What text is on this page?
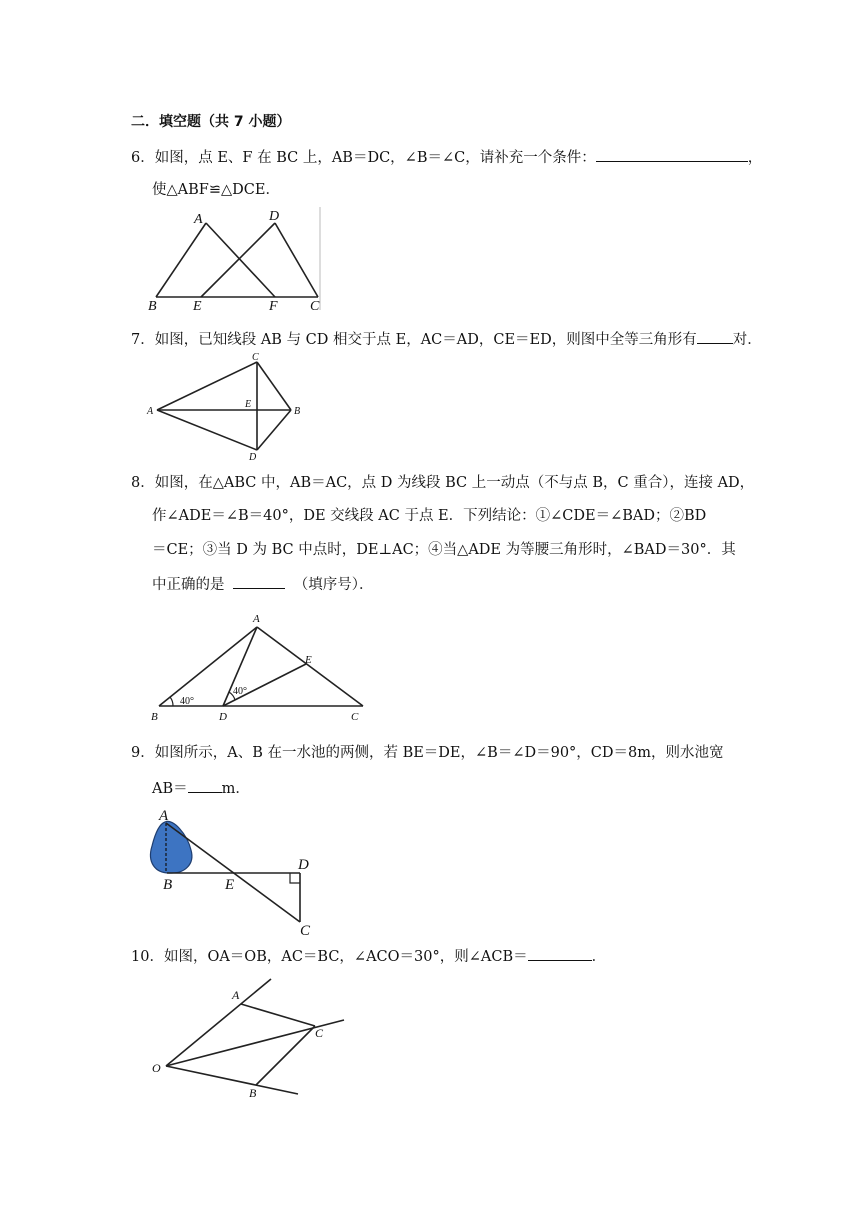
二．填空题（共 7 小题）
6．如图，点 E、F 在 BC 上，AB＝DC，∠B＝∠C，请补充一个条件：	，
使△ABF≌△DCE．
A	D
B	E	F C
7．如图，已知线段 AB 与 CD 相交于点 E，AC＝AD，CE＝ED，则图中全等三角形有 对．
A	B
C
D
E
8．如图，在△ABC 中，AB＝AC，点 D 为线段 BC 上一动点（不与点 B，C 重合），连接 AD，
作∠ADE＝∠B＝40°，DE 交线段 AC 于点 E．下列结论：①∠CDE＝∠BAD；②BD
＝CE；③当 D 为 BC 中点时，DE⊥AC；④当△ADE 为等腰三角形时，∠BAD＝30°．其
中正确的是	（填序号）．
A
B	D	C
E
40°
40°
9．如图所示，A、B 在一水池的两侧，若 BE＝DE，∠B＝∠D＝90°，CD＝8m，则水池宽
AB＝ m．
A
B	E
D
C
10．如图，OA＝OB，AC＝BC，∠ACO＝30°，则∠ACB＝	．
A
C
O
B
